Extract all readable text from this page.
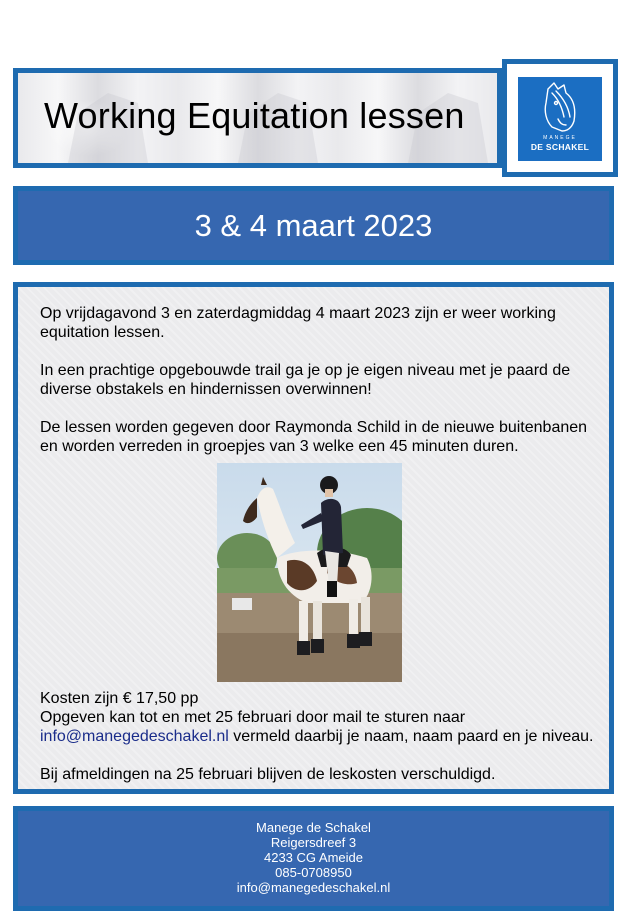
Working Equitation lessen
MANEGE
DE SCHAKEL
3 & 4 maart 2023
Op vrijdagavond 3 en zaterdagmiddag 4 maart 2023 zijn er weer working equitation lessen.
In een prachtige opgebouwde trail ga je op je eigen niveau met je paard de diverse obstakels en hindernissen overwinnen!
De lessen worden gegeven door Raymonda Schild in de nieuwe buitenbanen en worden verreden in groepjes van 3 welke een 45 minuten duren.
Kosten zijn € 17,50 pp
Opgeven kan tot en met 25 februari door mail te sturen naar
info@manegedeschakel.nl vermeld daarbij je naam, naam paard en je niveau.
Bij afmeldingen na 25 februari blijven de leskosten verschuldigd.
Manege de Schakel
Reigersdreef 3
4233 CG Ameide
085-0708950
info@manegedeschakel.nl
